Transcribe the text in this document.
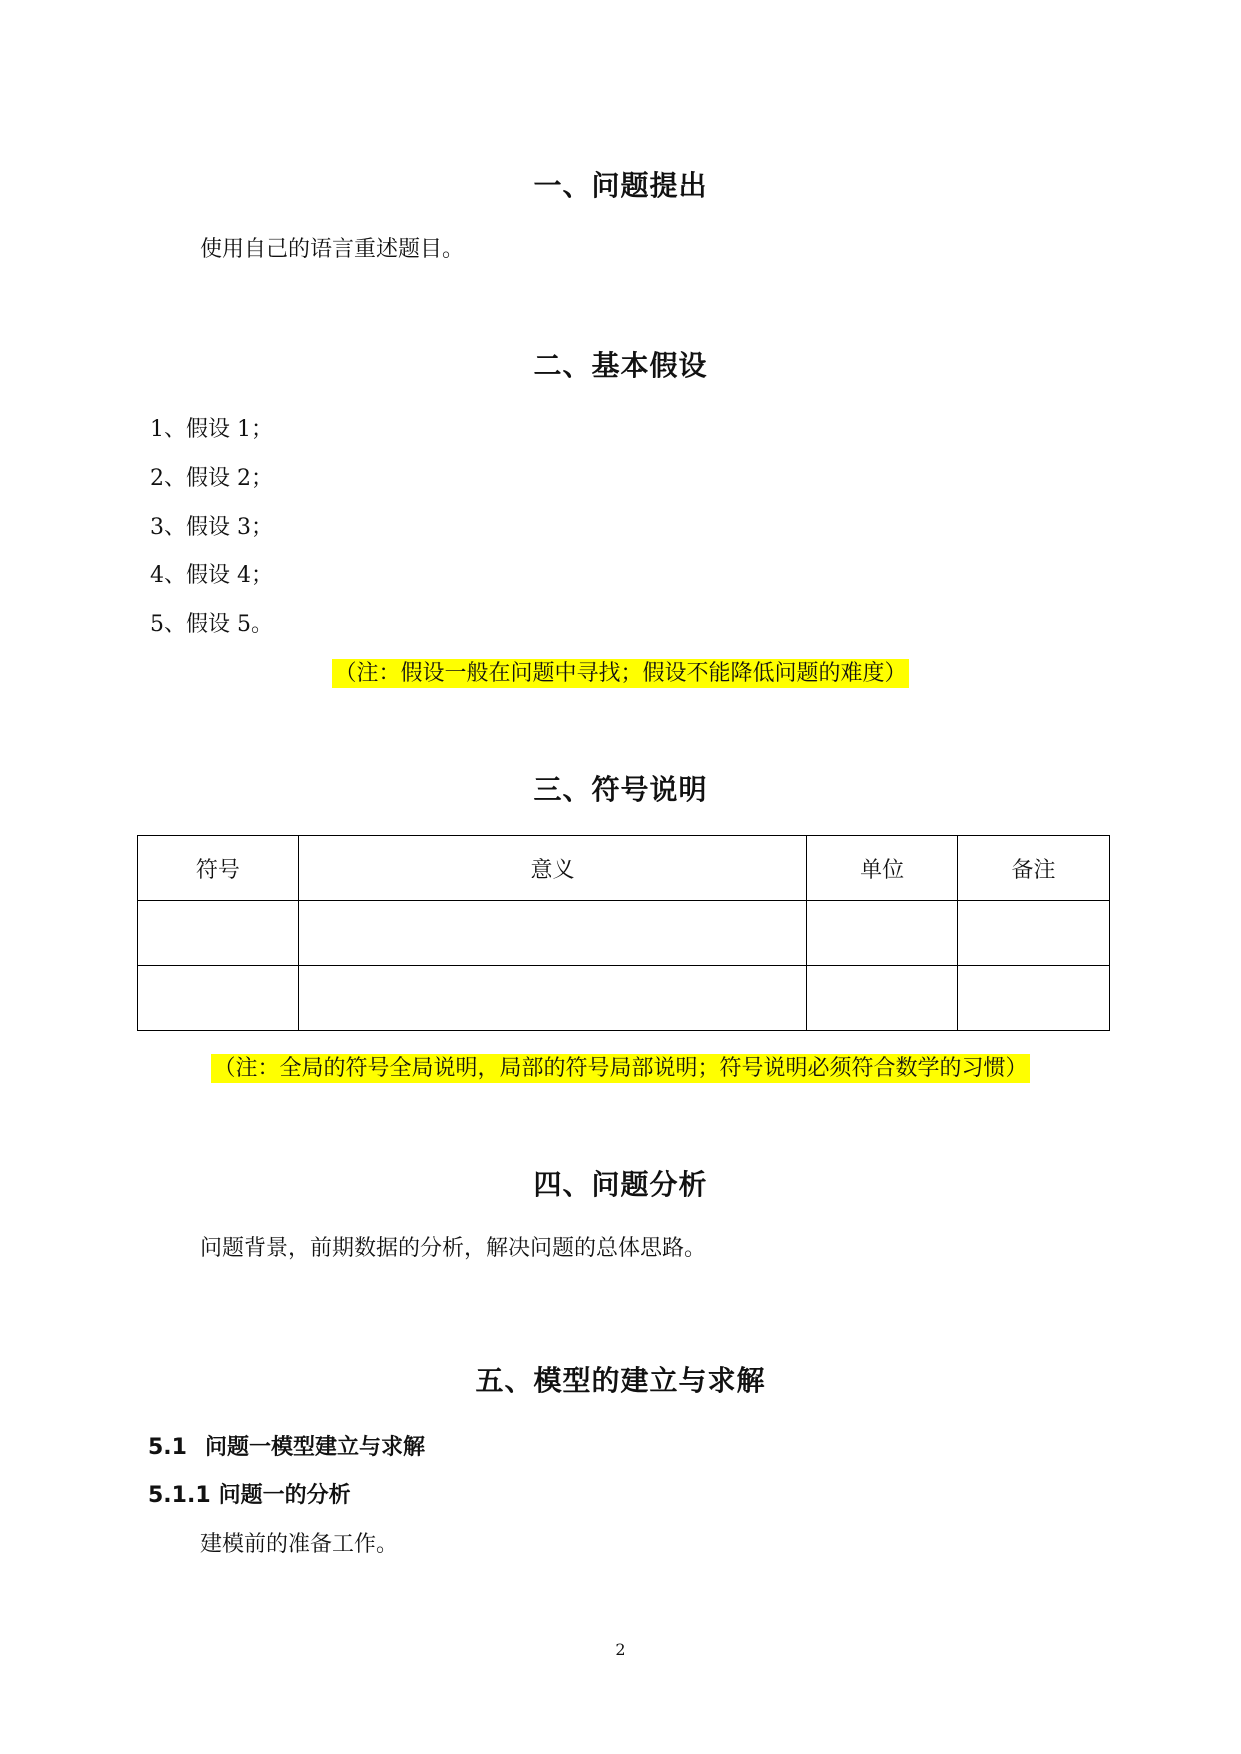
一、问题提出

使用自己的语言重述题目。

二、基本假设

1、假设 1；

2、假设 2；

3、假设 3；

4、假设 4；

5、假设 5。

（注：假设一般在问题中寻找；假设不能降低问题的难度）
三、符号说明
符号	意义	单位	备注

（注：全局的符号全局说明，局部的符号局部说明；符号说明必须符合数学的习惯）
四、问题分析

问题背景，前期数据的分析，解决问题的总体思路。

五、模型的建立与求解

5.1 问题一模型建立与求解

5.1.1 问题一的分析

建模前的准备工作。

2
